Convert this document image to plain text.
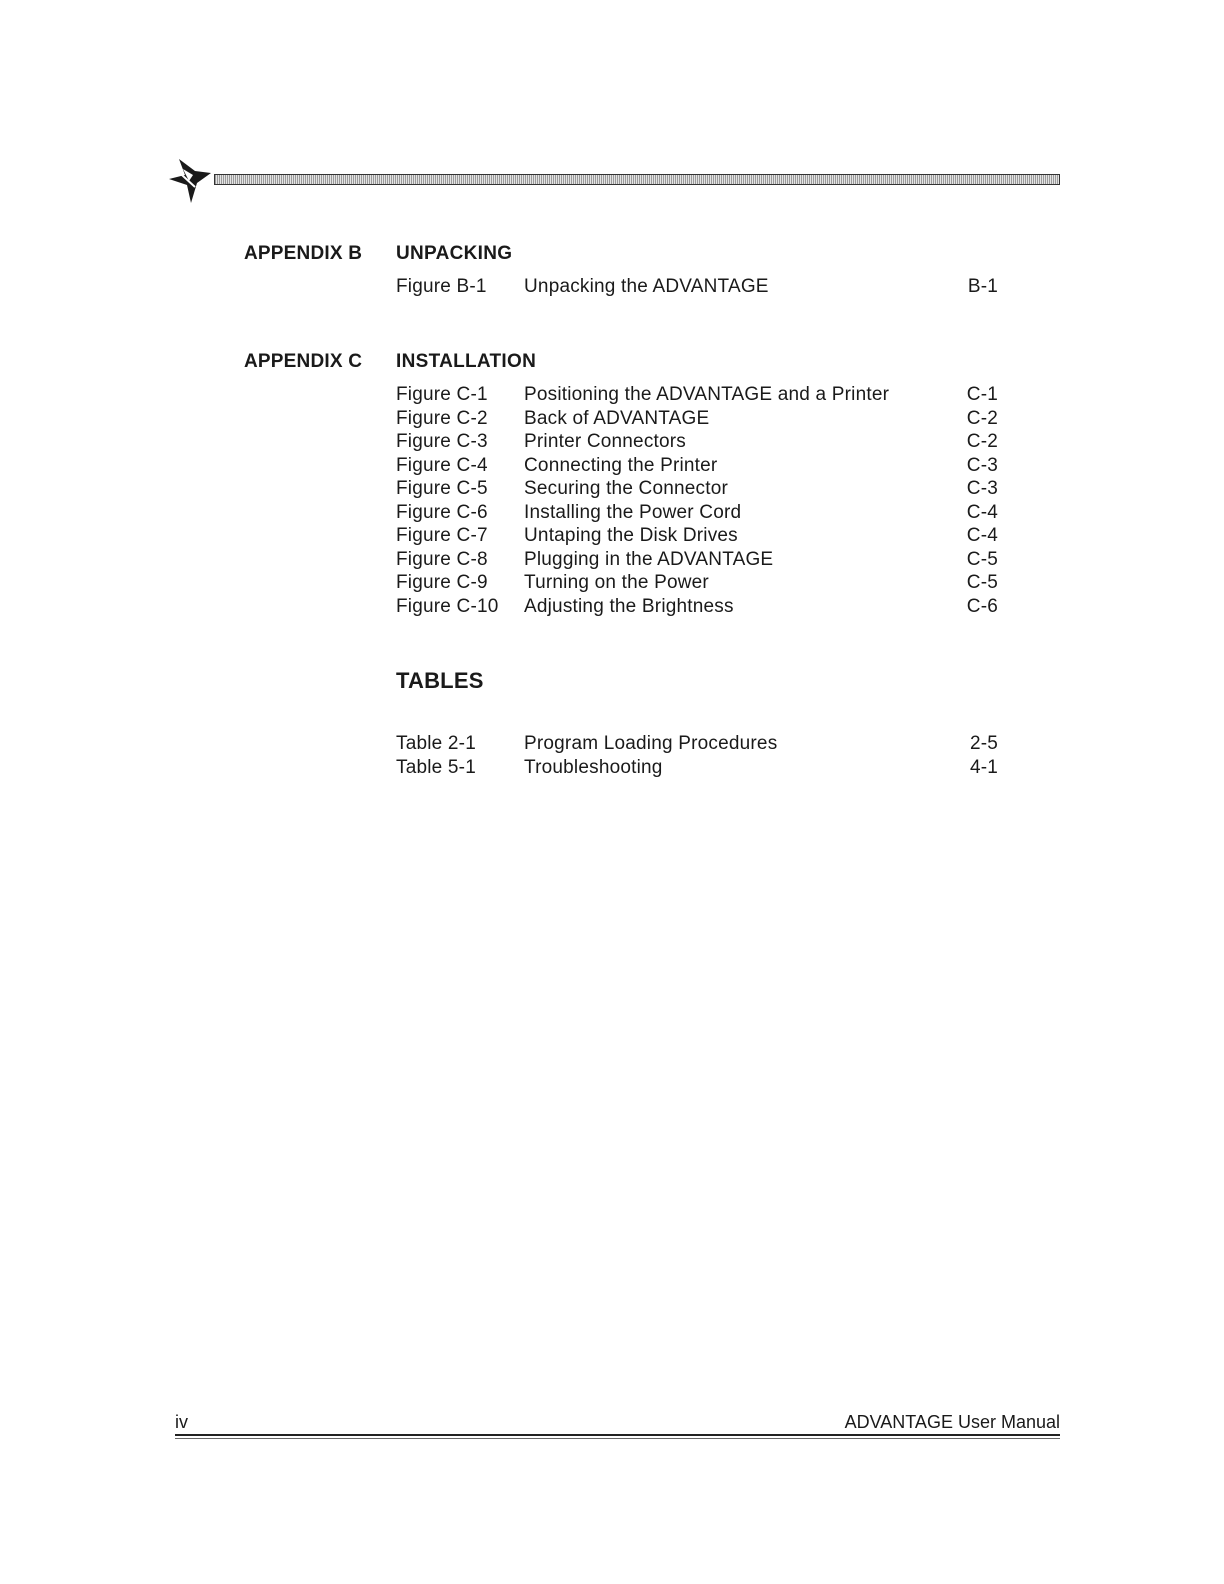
APPENDIX B UNPACKING
Figure B-1 Unpacking the ADVANTAGE	B-1
APPENDIX C INSTALLATION
Figure C-1 Positioning the ADVANTAGE and a Printer	C-1
Figure C-2 Back of ADVANTAGE	C-2
Figure C-3 Printer Connectors	C-2
Figure C-4 Connecting the Printer	C-3
Figure C-5 Securing the Connector	C-3
Figure C-6 Installing the Power Cord	C-4
Figure C-7 Untaping the Disk Drives	C-4
Figure C-8 Plugging in the ADVANTAGE	C-5
Figure C-9 Turning on the Power	C-5
Figure C-10 Adjusting the Brightness	C-6
TABLES
Table 2-1	Program Loading Procedures	2-5
Table 5-1	Troubleshooting	4-1
iv	ADVANTAGE User Manual
